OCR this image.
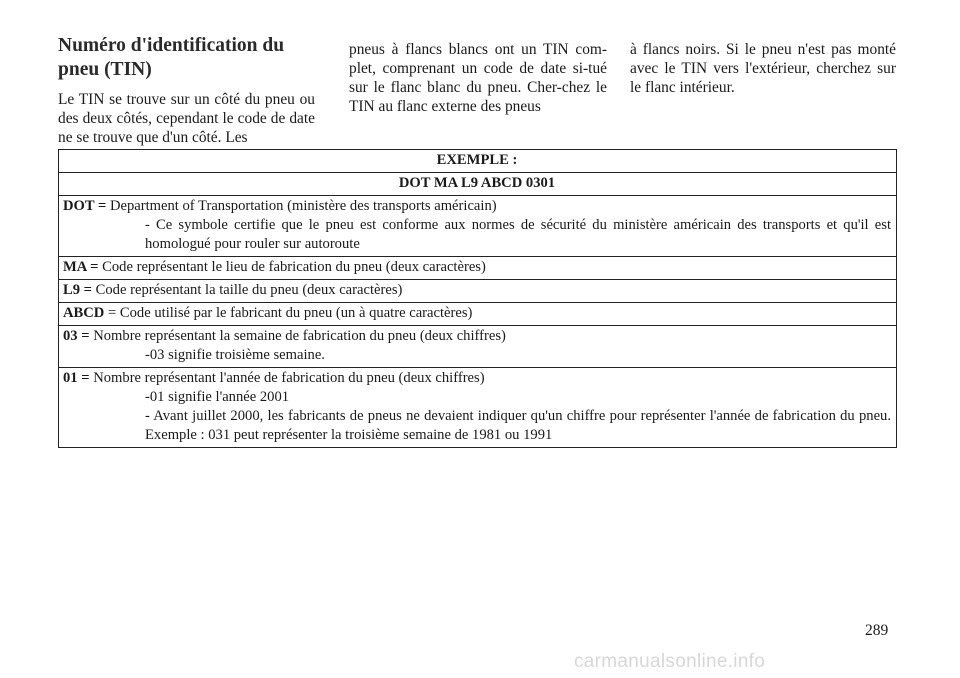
Numéro d'identification du pneu (TIN)

Le TIN se trouve sur un côté du pneu ou des deux côtés, cependant le code de date ne se trouve que d'un côté. Les

pneus à flancs blancs ont un TIN com-plet, comprenant un code de date si-tué sur le flanc blanc du pneu. Cher-chez le TIN au flanc externe des pneus

à flancs noirs. Si le pneu n'est pas monté avec le TIN vers l'extérieur, cherchez sur le flanc intérieur.

EXEMPLE :
DOT MA L9 ABCD 0301

DOT = Department of Transportation (ministère des transports américain)
- Ce symbole certifie que le pneu est conforme aux normes de sécurité du ministère américain des transports et qu'il est homologué pour rouler sur autoroute

MA = Code représentant le lieu de fabrication du pneu (deux caractères)

L9 = Code représentant la taille du pneu (deux caractères)

ABCD = Code utilisé par le fabricant du pneu (un à quatre caractères)

03 = Nombre représentant la semaine de fabrication du pneu (deux chiffres)
-03 signifie troisième semaine.

01 = Nombre représentant l'année de fabrication du pneu (deux chiffres)
-01 signifie l'année 2001
- Avant juillet 2000, les fabricants de pneus ne devaient indiquer qu'un chiffre pour représenter l'année de fabrication du pneu. Exemple : 031 peut représenter la troisième semaine de 1981 ou 1991
289
carmanualsonline.info
